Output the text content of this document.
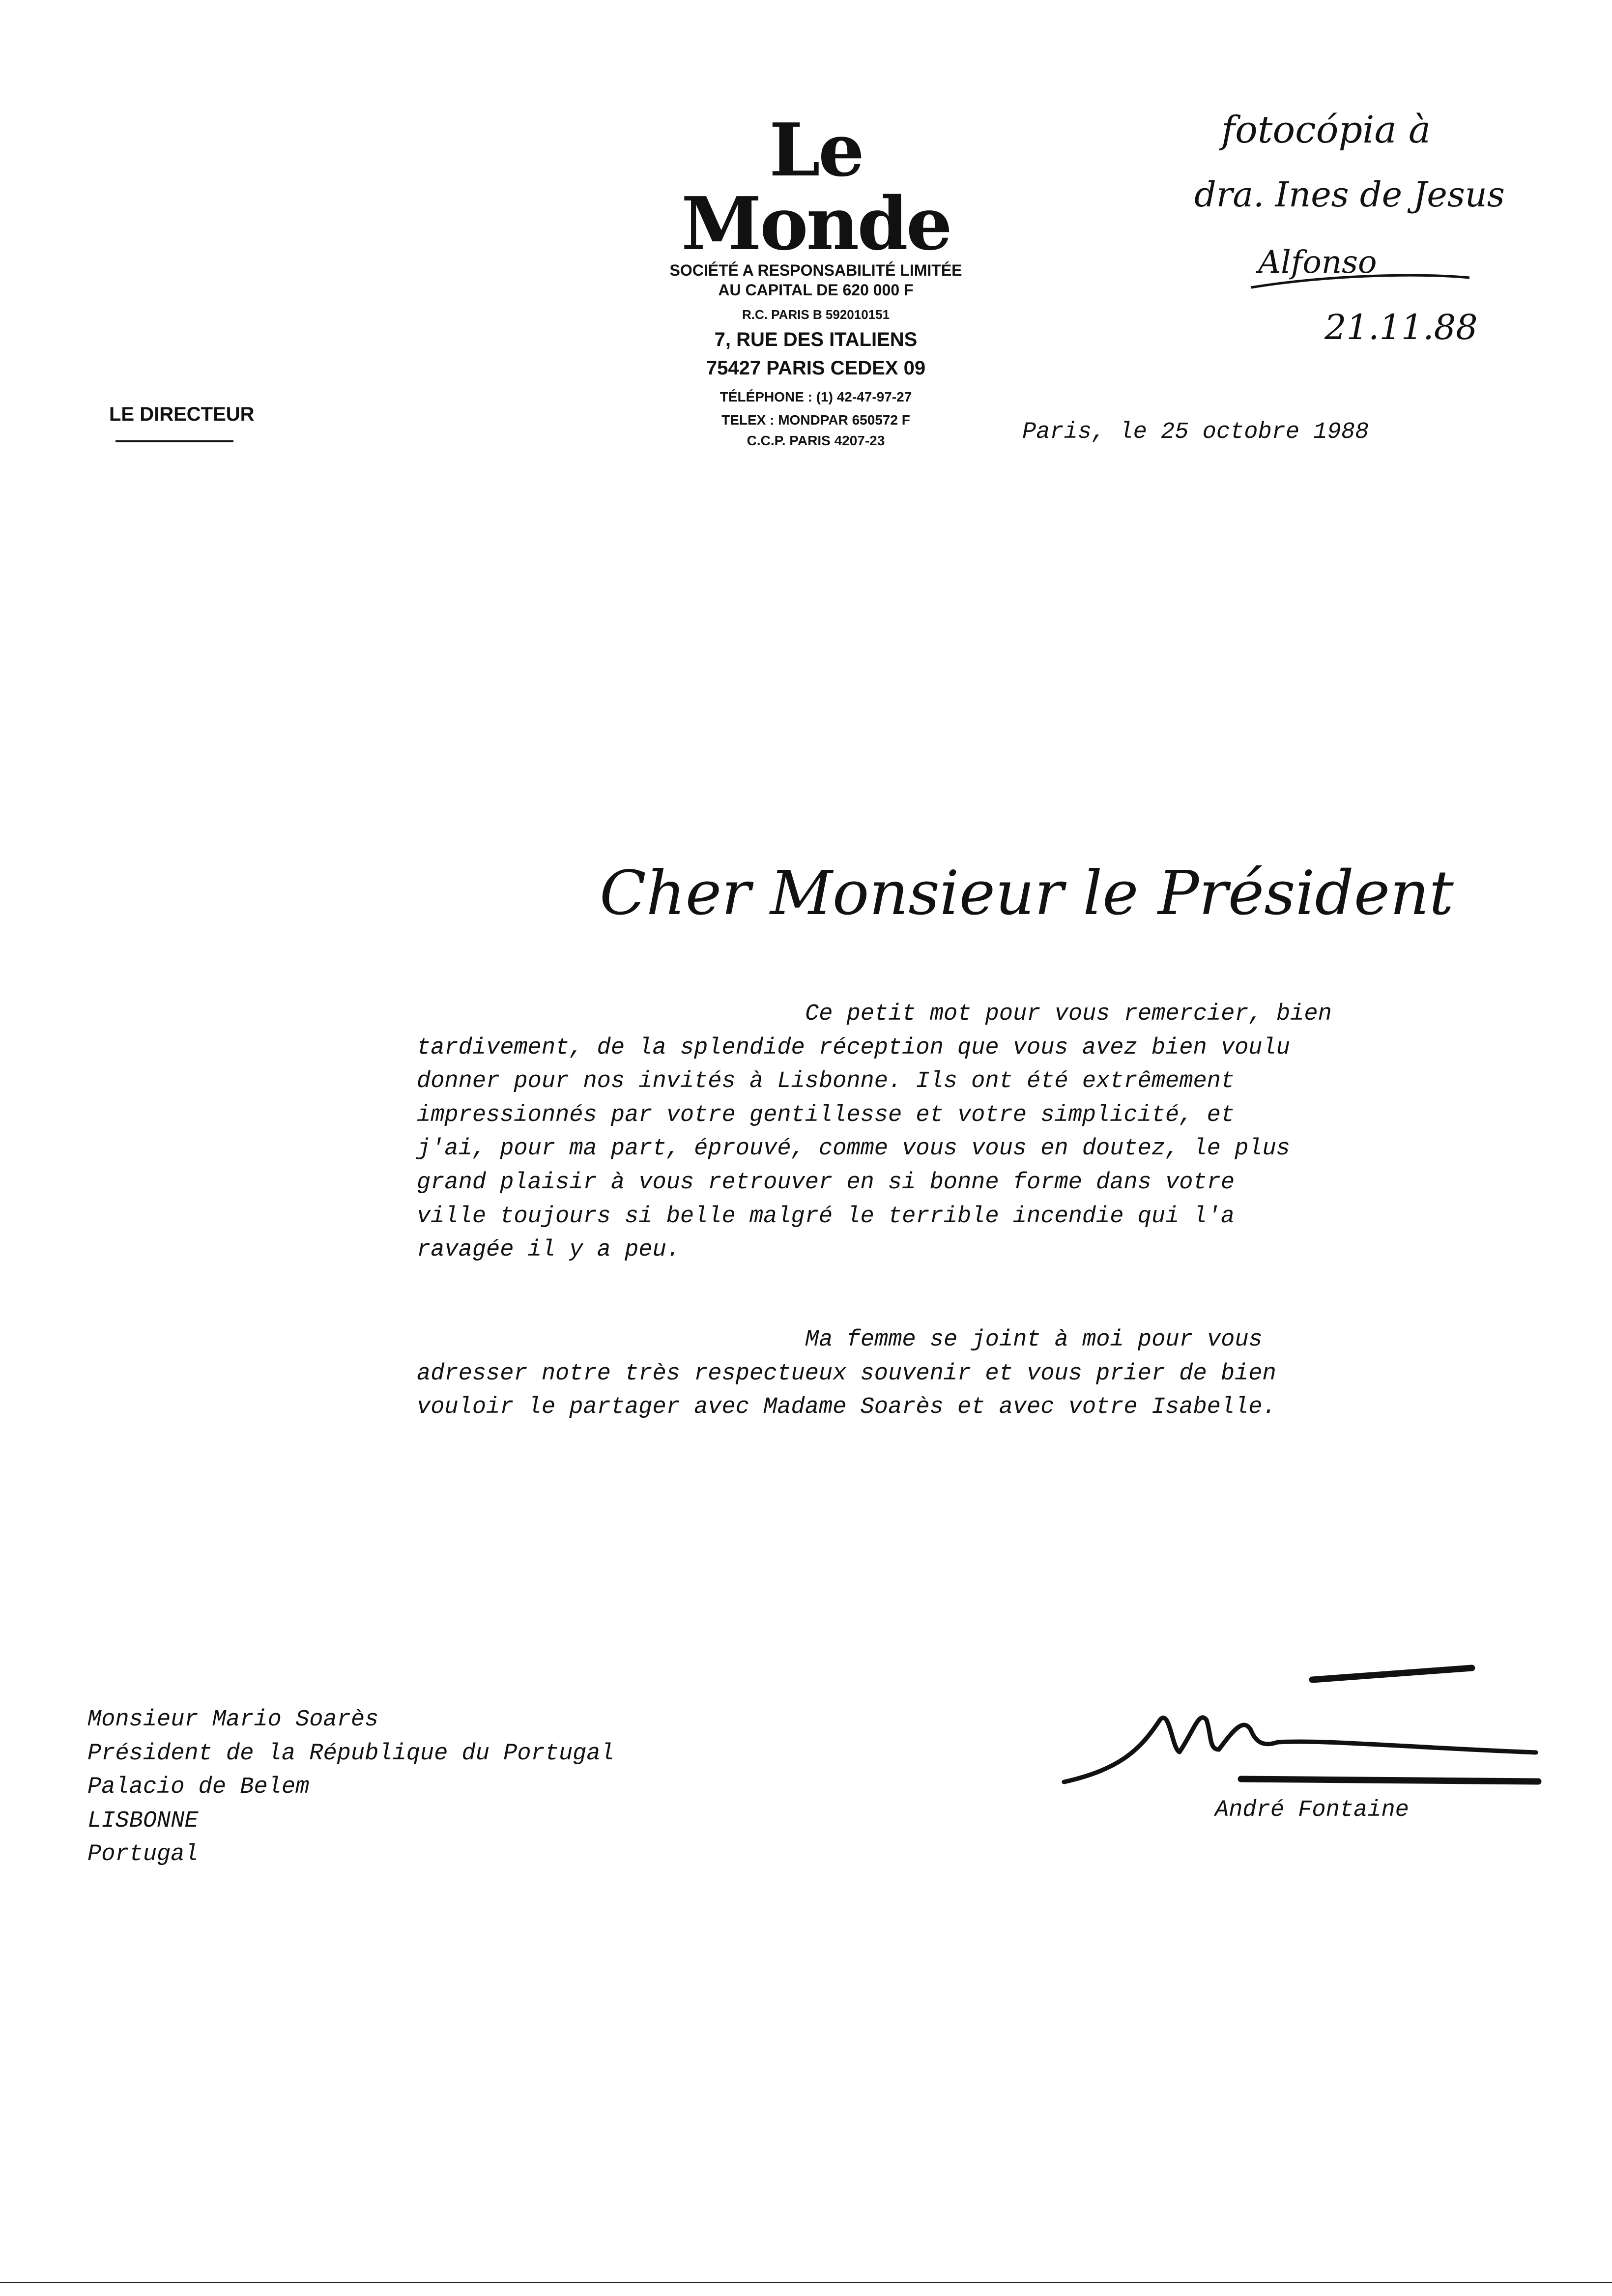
Le Monde

SOCIÉTÉ A RESPONSABILITÉ LIMITÉE

AU CAPITAL DE 620 000 F

R.C. PARIS B 592010151

7, RUE DES ITALIENS

75427 PARIS CEDEX 09

TÉLÉPHONE : (1) 42-47-97-27

TELEX : MONDPAR 650572 F

C.C.P. PARIS 4207-23

LE DIRECTEUR

Paris, le 25 octobre 1988

fotocópia à
dra. Ines de Jesus
Alfonso
21.11.88
Cher Monsieur le Président

Ce petit mot pour vous remercier, bien
tardivement, de la splendide réception que vous avez bien voulu
donner pour nos invités à Lisbonne. Ils ont été extrêmement
impressionnés par votre gentillesse et votre simplicité, et
j'ai, pour ma part, éprouvé, comme vous vous en doutez, le plus
grand plaisir à vous retrouver en si bonne forme dans votre
ville toujours si belle malgré le terrible incendie qui l'a
ravagée il y a peu.

Ma femme se joint à moi pour vous
adresser notre très respectueux souvenir et vous prier de bien
vouloir le partager avec Madame Soarès et avec votre Isabelle.

Monsieur Mario Soarès
Président de la République du Portugal
Palacio de Belem
LISBONNE
Portugal

André Fontaine
